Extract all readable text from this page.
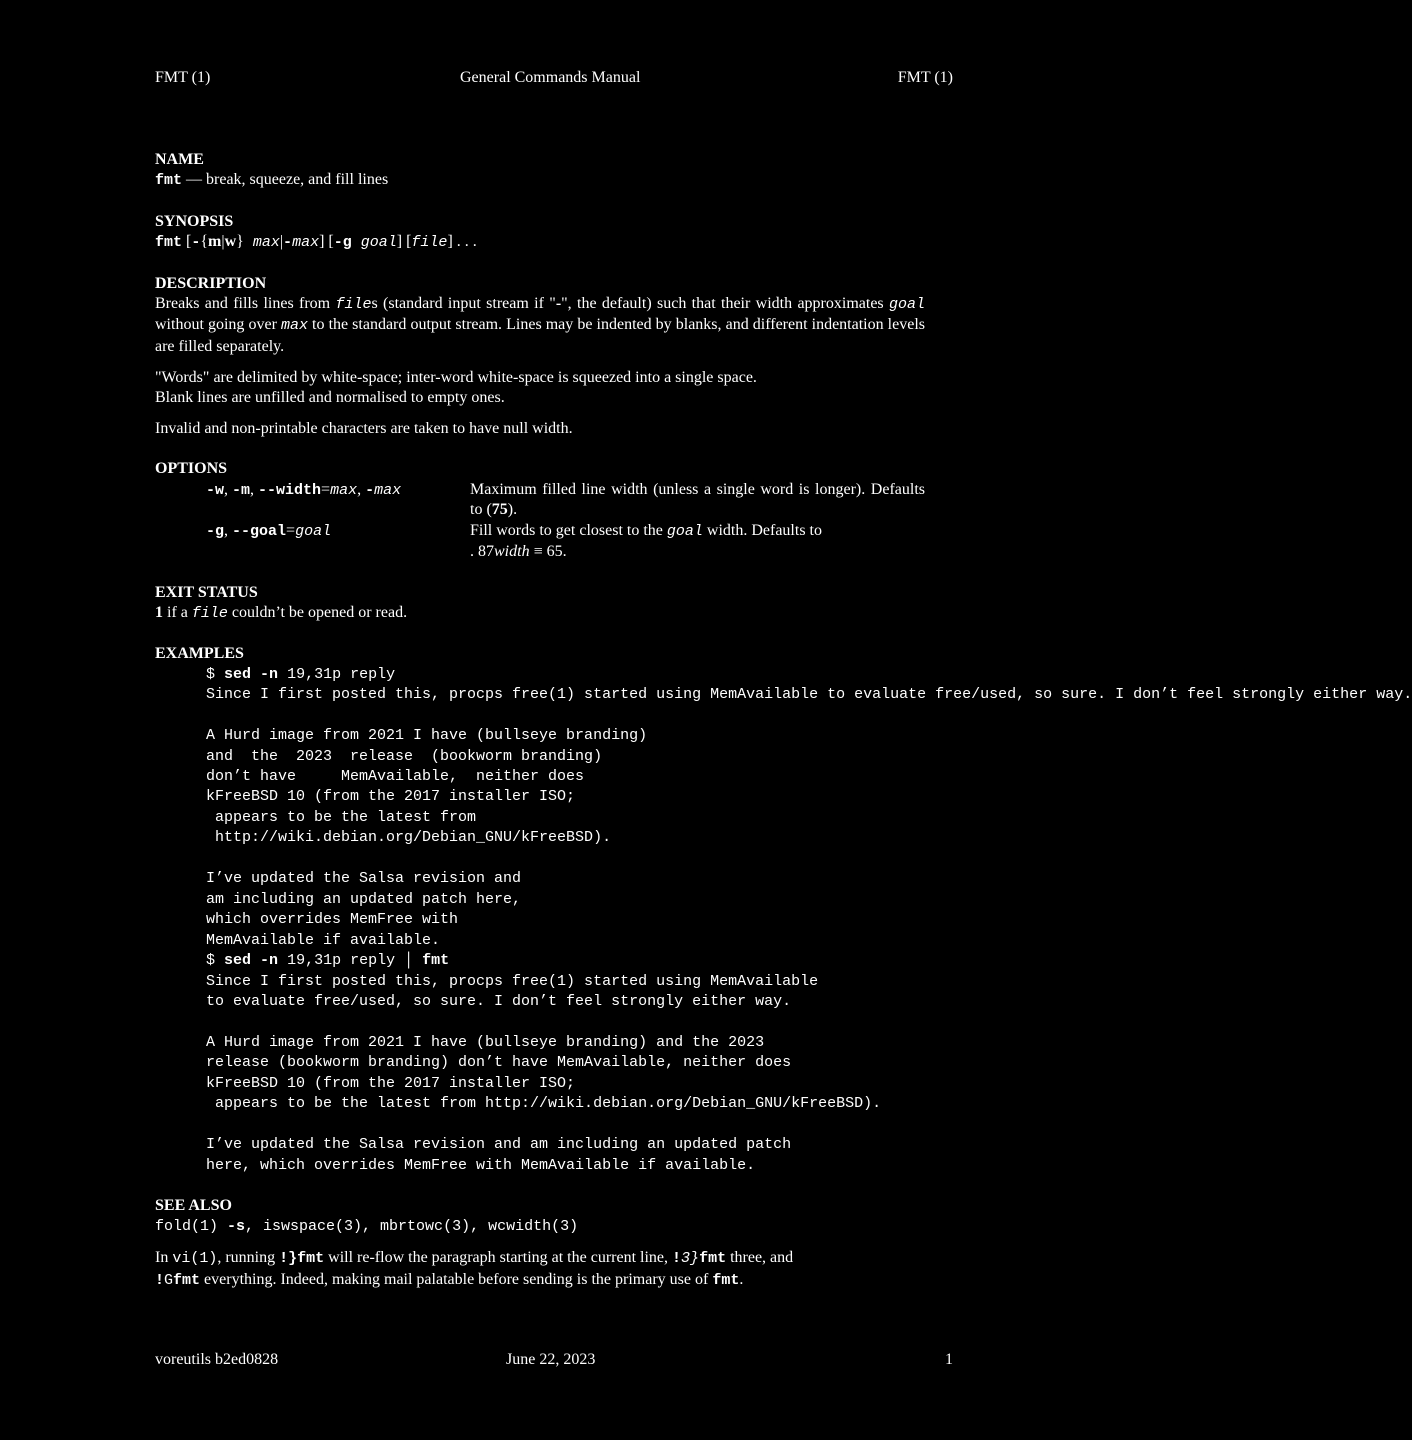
FMT (1)	General Commands Manual	FMT (1)
NAME
fmt — break, squeeze, and fill lines
SYNOPSIS
fmt [-{m|w} max|-max] [-g goal] [file] . . .
DESCRIPTION
Breaks and fills lines from files (standard input stream if "-", the default) such that their width approximates goal without going over max to the standard output stream. Lines may be indented by blanks, and different indentation levels are filled separately.
"Words" are delimited by white-space; inter-word white-space is squeezed into a single space.
Blank lines are unfilled and normalised to empty ones.
Invalid and non-printable characters are taken to have null width.
OPTIONS
-w, -m, --width=max, -max	Maximum filled line width (unless a single word is longer). Defaults to (75).
-g, --goal=goal	Fill words to get closest to the goal width. Defaults to
. 87width ≡ 65.
EXIT STATUS
1 if a file couldn’t be opened or read.
EXAMPLES
$ sed -n 19,31p reply
Since I first posted this, procps free(1) started using MemAvailable to evaluate free/used, so sure. I don’t feel strongly either way.

A Hurd image from 2021 I have (bullseye branding)
and  the  2023  release  (bookworm branding)
don’t have     MemAvailable,  neither does
kFreeBSD 10 (from the 2017 installer ISO;
appears to be the latest from
http://wiki.debian.org/Debian_GNU/kFreeBSD).

I’ve updated the Salsa revision and
am including an updated patch here,
which overrides MemFree with
MemAvailable if available.
$ sed -n 19,31p reply │ fmt
Since I first posted this, procps free(1) started using MemAvailable
to evaluate free/used, so sure. I don’t feel strongly either way.

A Hurd image from 2021 I have (bullseye branding) and the 2023
release (bookworm branding) don’t have MemAvailable, neither does
kFreeBSD 10 (from the 2017 installer ISO;
appears to be the latest from http://wiki.debian.org/Debian_GNU/kFreeBSD).

I’ve updated the Salsa revision and am including an updated patch
here, which overrides MemFree with MemAvailable if available.
SEE ALSO
fold(1) -s, iswspace(3), mbrtowc(3), wcwidth(3)
In vi(1), running !}fmt will re-flow the paragraph starting at the current line, !3}fmt three, and
!Gfmt everything. Indeed, making mail palatable before sending is the primary use of fmt.
voreutils b2ed0828	June 22, 2023	1
